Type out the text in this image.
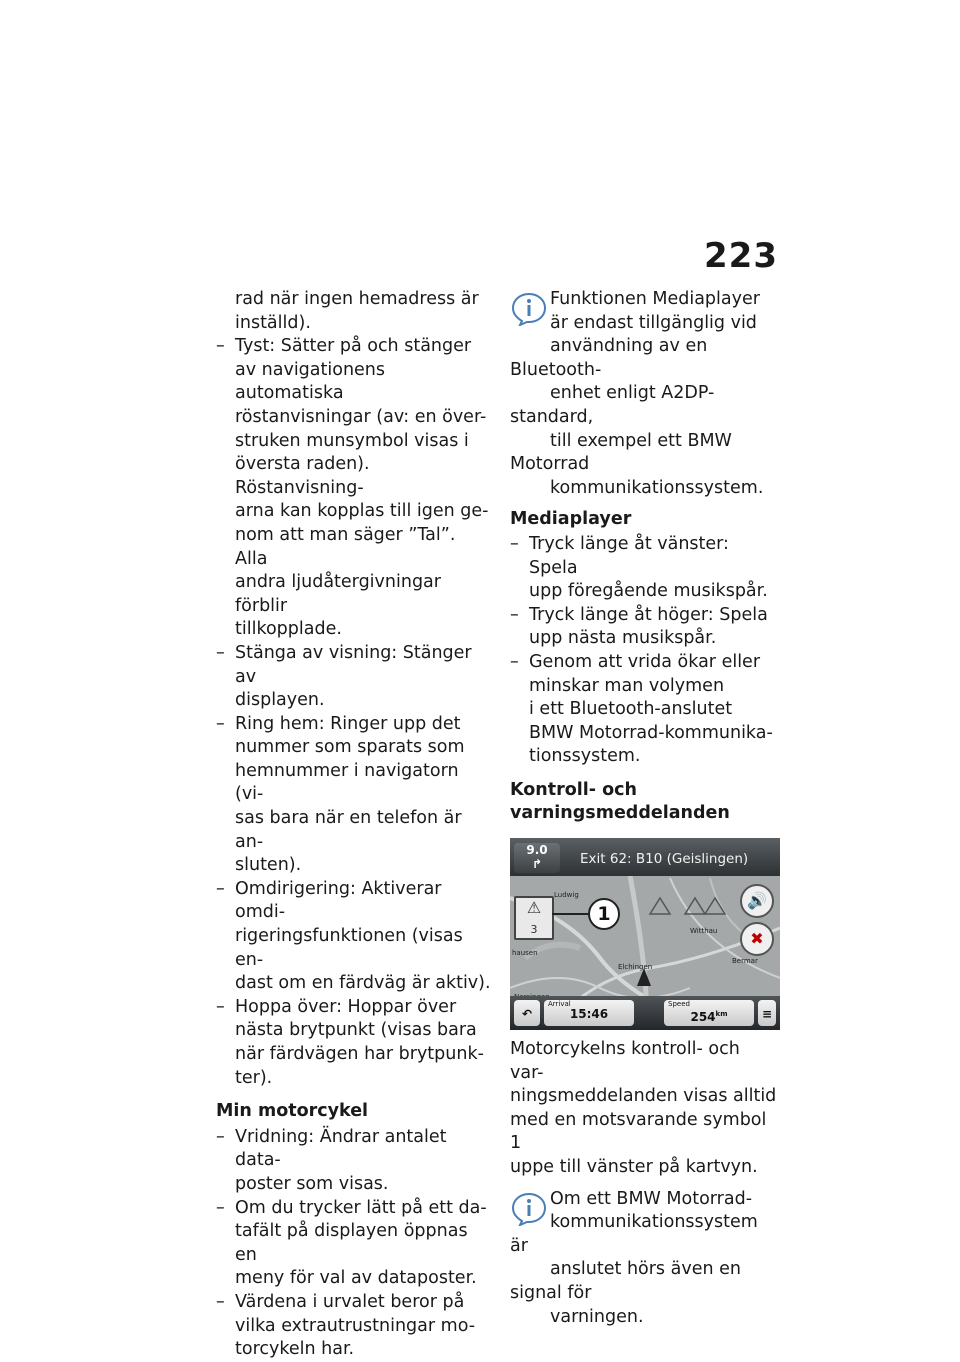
223

rad när ingen hemadress är

inställd).

– Tyst: Sätter på och stänger
av navigationens automatiska
röstanvisningar (av: en över-
struken munsymbol visas i
översta raden). Röstanvisning-
arna kan kopplas till igen ge-
nom att man säger ”Tal”. Alla
andra ljudåtergivningar förblir
tillkopplade.
– Stänga av visning: Stänger av
displayen.
– Ring hem: Ringer upp det
nummer som sparats som
hemnummer i navigatorn (vi-
sas bara när en telefon är an-
sluten).
– Omdirigering: Aktiverar omdi-
rigeringsfunktionen (visas en-
dast om en färdväg är aktiv).
– Hoppa över: Hoppar över
nästa brytpunkt (visas bara
när färdvägen har brytpunk-
ter).
Min motorcykel
– Vridning: Ändrar antalet data-
poster som visas.
– Om du trycker lätt på ett da-
tafält på displayen öppnas en
meny för val av dataposter.
– Värdena i urvalet beror på
vilka extrautrustningar mo-
torcykeln har.
Funktionen Mediaplayer
är endast tillgänglig vid
användning av en Bluetooth-
enhet enligt A2DP-standard,
till exempel ett BMW Motorrad
kommunikationssystem.
Mediaplayer
– Tryck länge åt vänster: Spela
upp föregående musikspår.
– Tryck länge åt höger: Spela
upp nästa musikspår.
– Genom att vrida ökar eller
minskar man volymen
i ett Bluetooth-anslutet
BMW Motorrad-kommunika-
tionssystem.
Kontroll- och
varningsmeddelanden
9.0
↱	Exit 62: B10 (Geislingen)
Ludwig
hausen
Witthau
Bermar
Elchingen
⚠
3
1
🔊
✖
↶
Arrival
15:46
Speed
$254^{km}$	≡
Motorcykelns kontroll- och var-
ningsmeddelanden visas alltid
med en motsvarande symbol 1
uppe till vänster på kartvyn.
Om ett BMW Motorrad-
kommunikationssystem är
anslutet hörs även en signal för
varningen.
